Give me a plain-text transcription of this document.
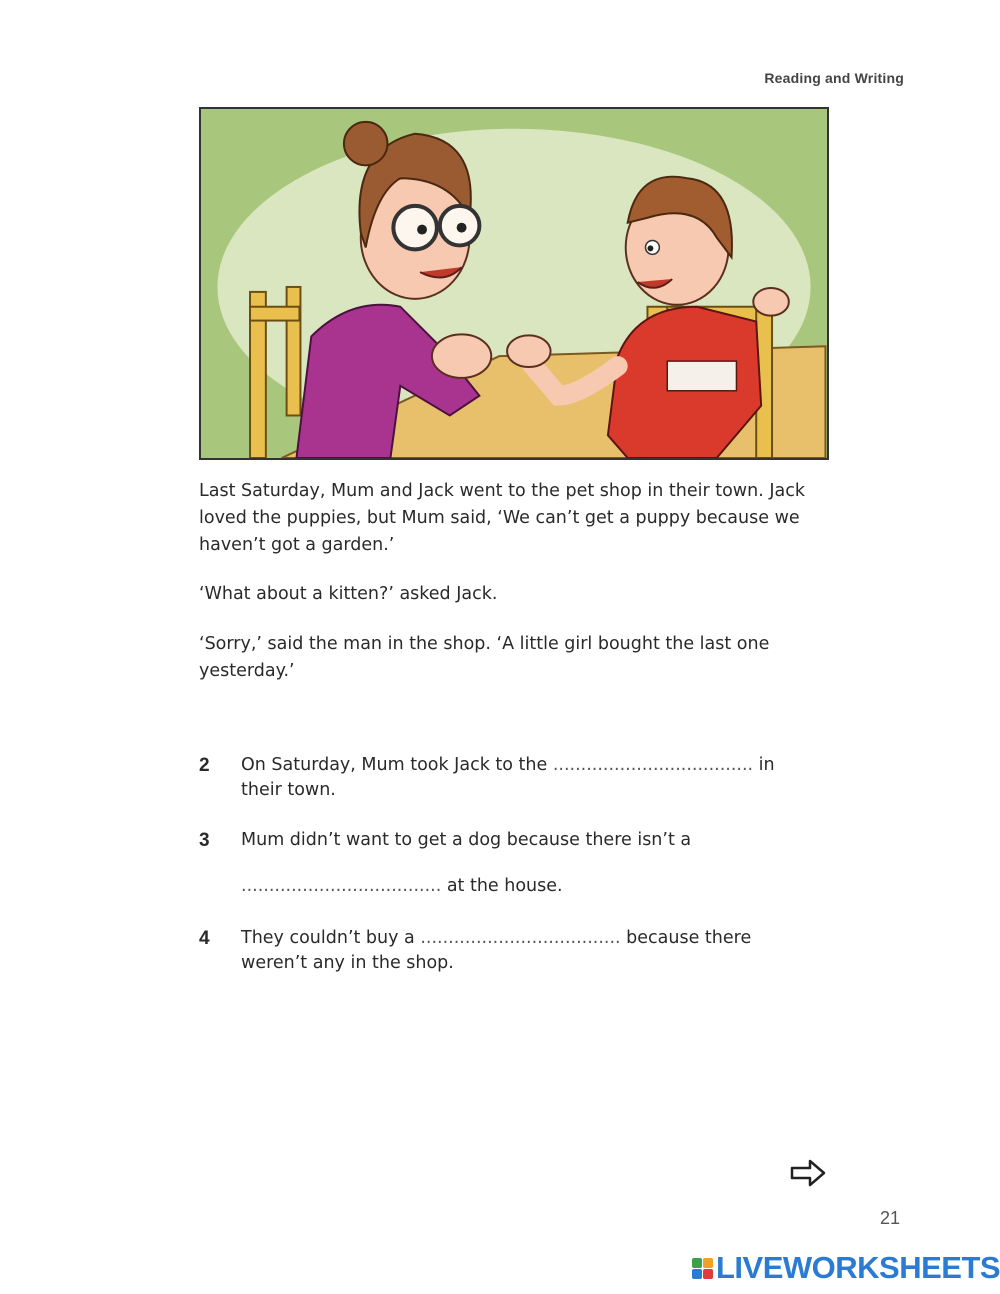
Reading and Writing

Last Saturday, Mum and Jack went to the pet shop in their town. Jack loved the puppies, but Mum said, ‘We can’t get a puppy because we haven’t got a garden.’

‘What about a kitten?’ asked Jack.

‘Sorry,’ said the man in the shop. ‘A little girl bought the last one yesterday.’

2 On Saturday, Mum took Jack to the .................................... in their town.
3 Mum didn’t want to get a dog because there isn’t a
.................................... at the house.
4 They couldn’t buy a .................................... because there weren’t any in the shop.
21
LIVEWORKSHEETS
